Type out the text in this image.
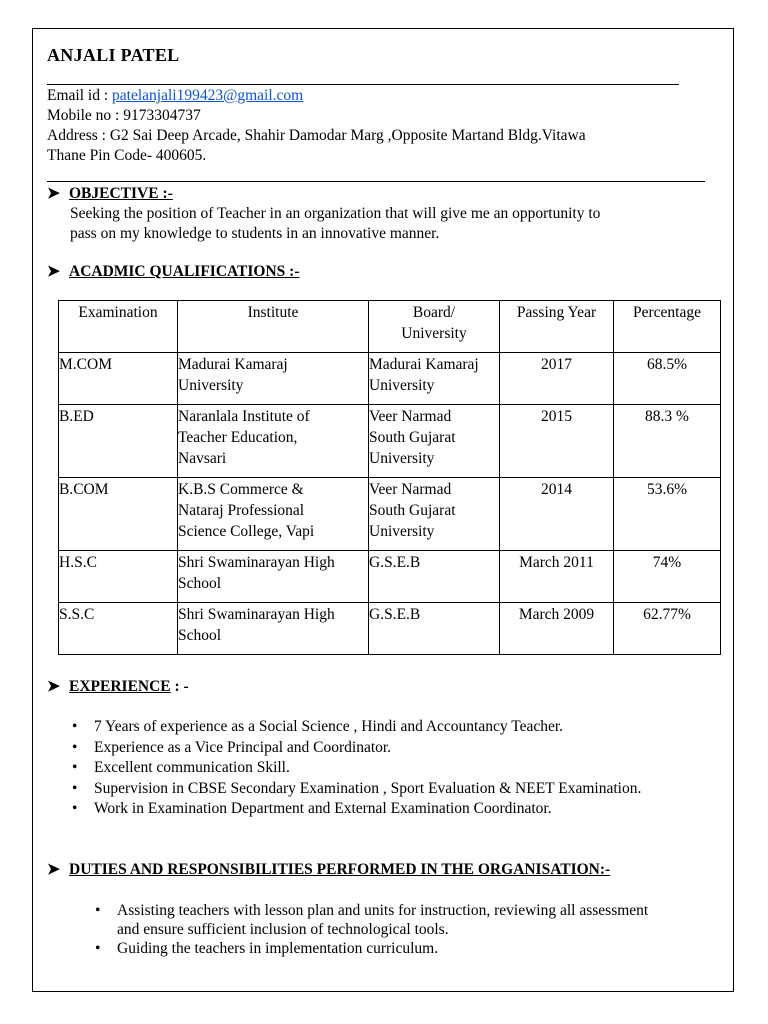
ANJALI PATEL
Email id : patelanjali199423@gmail.com
Mobile no : 9173304737
Address : G2 Sai Deep Arcade, Shahir Damodar Marg ,Opposite Martand Bldg.Vitawa
Thane Pin Code- 400605.
➤ OBJECTIVE :-
Seeking the position of Teacher in an organization that will give me an opportunity to
pass on my knowledge to students in an innovative manner.
➤ ACADMIC QUALIFICATIONS :-
Examination	Institute	Board/
University	Passing Year	Percentage
M.COM	Madurai Kamaraj
University	Madurai Kamaraj
University	2017	68.5%
B.ED	Naranlala Institute of
Teacher Education,
Navsari	Veer Narmad
South Gujarat
University	2015	88.3 %
B.COM	K.B.S Commerce &
Nataraj Professional
Science College, Vapi	Veer Narmad
South Gujarat
University	2014	53.6%
H.S.C	Shri Swaminarayan High
School	G.S.E.B	March 2011	74%
S.S.C	Shri Swaminarayan High
School	G.S.E.B	March 2009	62.77%
➤ EXPERIENCE : -
• 7 Years of experience as a Social Science , Hindi and Accountancy Teacher.
• Experience as a Vice Principal and Coordinator.
• Excellent communication Skill.
• Supervision in CBSE Secondary Examination , Sport Evaluation & NEET Examination.
• Work in Examination Department and External Examination Coordinator.
➤ DUTIES AND RESPONSIBILITIES PERFORMED IN THE ORGANISATION:-
• Assisting teachers with lesson plan and units for instruction, reviewing all assessment and ensure sufficient inclusion of technological tools.
• Guiding the teachers in implementation curriculum.
